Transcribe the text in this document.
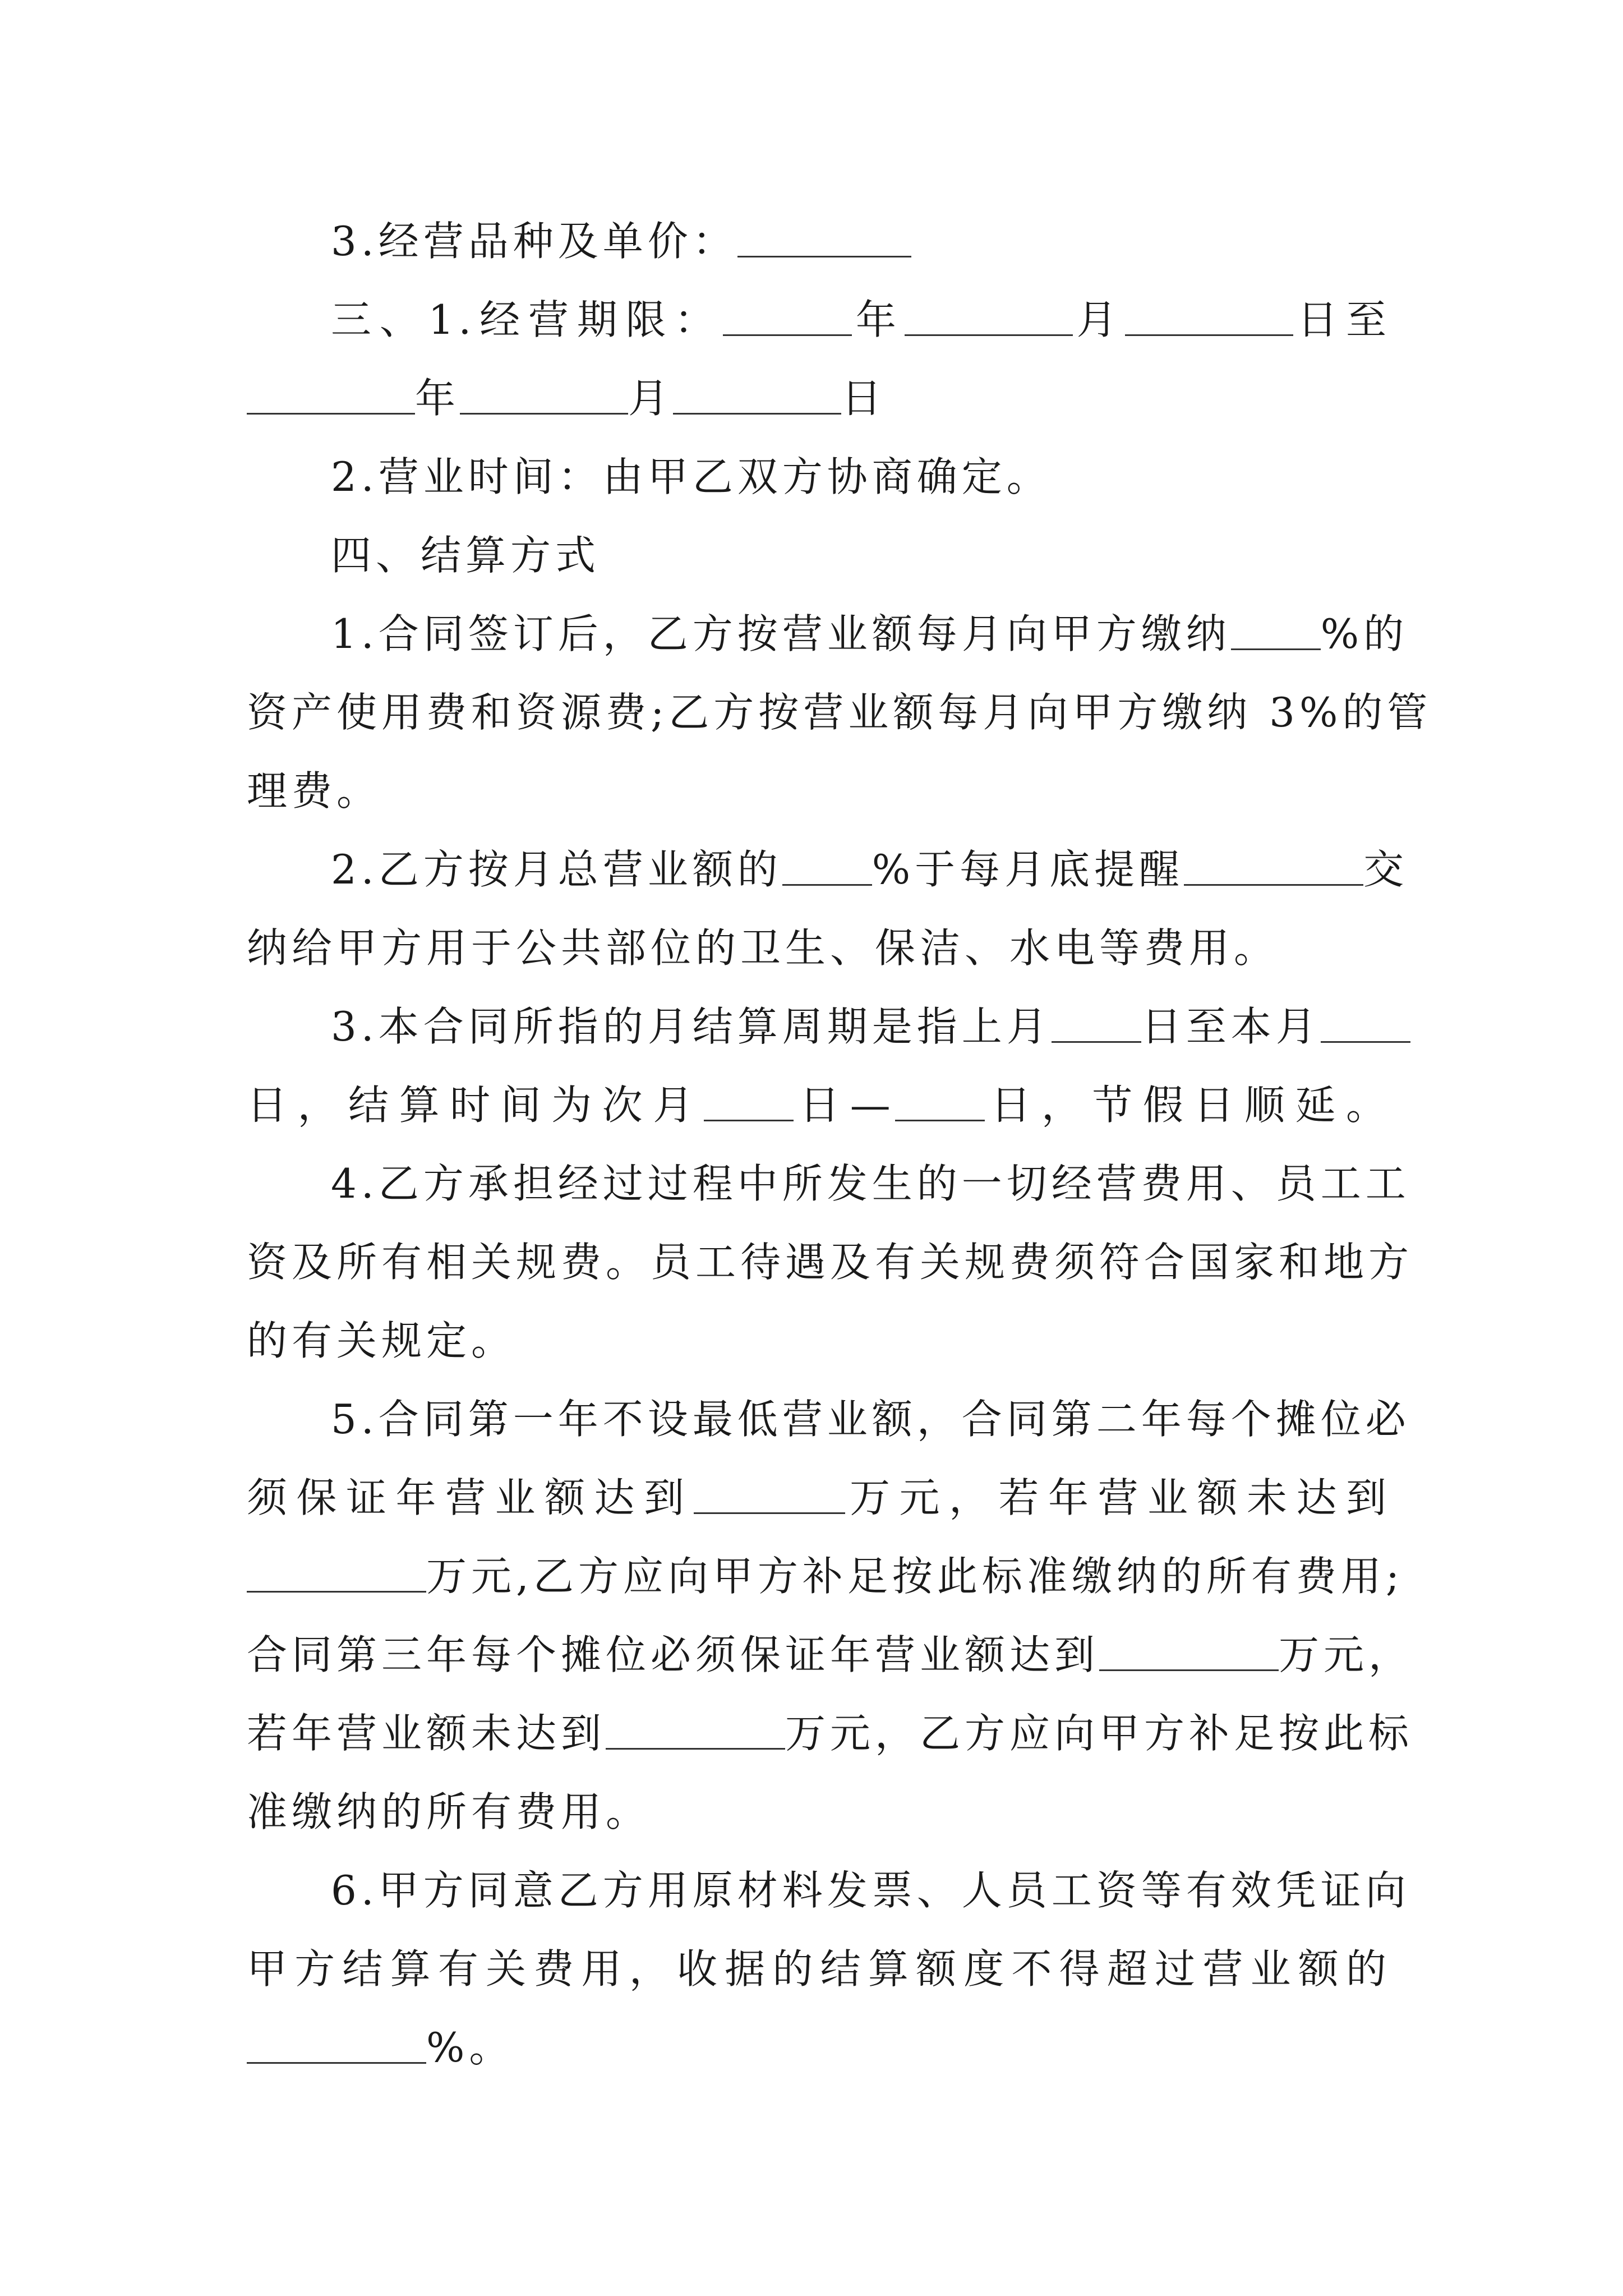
3.经营品种及单价：
三、1.经营期限：	年	月	日至
年	月	日
2.营业时间：由甲乙双方协商确定。
四、结算方式
1.合同签订后，乙方按营业额每月向甲方缴纳 %的
资产使用费和资源费;乙方按营业额每月向甲方缴纳 3%的管
理费。
2.乙方按月总营业额的 %于每月底提醒	交
纳给甲方用于公共部位的卫生、保洁、水电等费用。
3.本合同所指的月结算周期是指上月 日至本月
日，结算时间为次月 日— 日，节假日顺延。
4.乙方承担经过过程中所发生的一切经营费用、员工工
资及所有相关规费。员工待遇及有关规费须符合国家和地方
的有关规定。
5.合同第一年不设最低营业额，合同第二年每个摊位必
须保证年营业额达到	万元，若年营业额未达到
万元,乙方应向甲方补足按此标准缴纳的所有费用;
合同第三年每个摊位必须保证年营业额达到	万元，
若年营业额未达到	万元，乙方应向甲方补足按此标
准缴纳的所有费用。
6.甲方同意乙方用原材料发票、人员工资等有效凭证向
甲方结算有关费用，收据的结算额度不得超过营业额的
%。
